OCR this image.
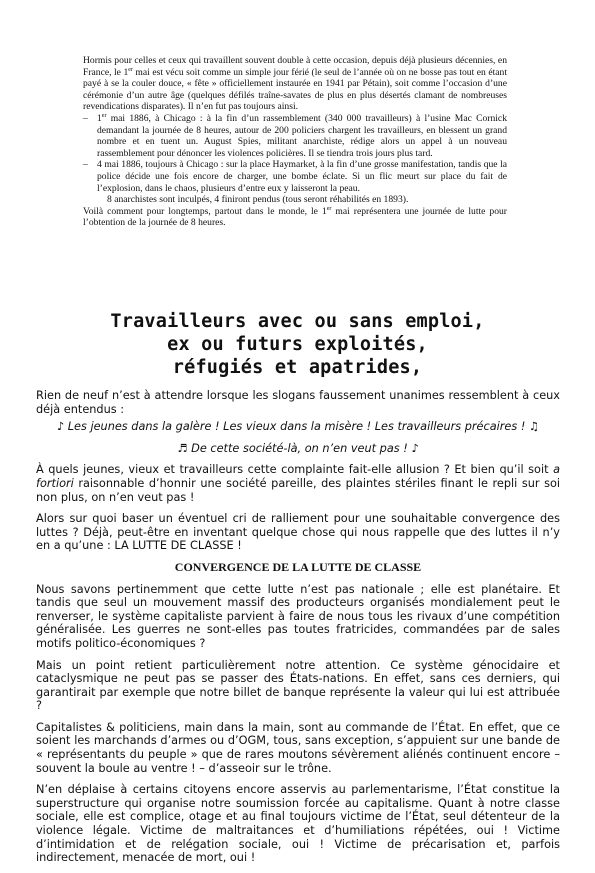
Hormis pour celles et ceux qui travaillent souvent double à cette occasion, depuis déjà plusieurs décennies, en France, le 1er mai est vécu soit comme un simple jour férié (le seul de l’année où on ne bosse pas tout en étant payé à se la couler douce, « fête » officiellement instaurée en 1941 par Pétain), soit comme l’occasion d’une cérémonie d’un autre âge (quelques défilés traîne-savates de plus en plus désertés clamant de nombreuses revendications disparates). Il n’en fut pas toujours ainsi.

– 1er mai 1886, à Chicago : à la fin d’un rassemblement (340 000 travailleurs) à l’usine Mac Cornick demandant la journée de 8 heures, autour de 200 policiers chargent les travailleurs, en blessent un grand nombre et en tuent un. August Spies, militant anarchiste, rédige alors un appel à un nouveau rassemblement pour dénoncer les violences policières. Il se tiendra trois jours plus tard.

– 4 mai 1886, toujours à Chicago : sur la place Haymarket, à la fin d’une grosse manifestation, tandis que la police décide une fois encore de charger, une bombe éclate. Si un flic meurt sur place du fait de l’explosion, dans le chaos, plusieurs d’entre eux y laisseront la peau.

8 anarchistes sont inculpés, 4 finiront pendus (tous seront réhabilités en 1893).

Voilà comment pour longtemps, partout dans le monde, le 1er mai représentera une journée de lutte pour l’obtention de la journée de 8 heures.

Travailleurs avec ou sans emploi,
ex ou futurs exploités,
réfugiés et apatrides,

Rien de neuf n’est à attendre lorsque les slogans faussement unanimes ressemblent à ceux déjà entendus :

♪ Les jeunes dans la galère ! Les vieux dans la misère ! Les travailleurs précaires ! ♫

♬ De cette société-là, on n’en veut pas ! ♪

À quels jeunes, vieux et travailleurs cette complainte fait-elle allusion ? Et bien qu’il soit a fortiori raisonnable d’honnir une société pareille, des plaintes stériles finant le repli sur soi non plus, on n’en veut pas !

Alors sur quoi baser un éventuel cri de ralliement pour une souhaitable convergence des luttes ? Déjà, peut-être en inventant quelque chose qui nous rappelle que des luttes il n’y en a qu’une : LA LUTTE DE CLASSE !

CONVERGENCE DE LA LUTTE DE CLASSE

Nous savons pertinemment que cette lutte n’est pas nationale ; elle est planétaire. Et tandis que seul un mouvement massif des producteurs organisés mondialement peut le renverser, le système capitaliste parvient à faire de nous tous les rivaux d’une compétition généralisée. Les guerres ne sont-elles pas toutes fratricides, commandées par de sales motifs politico-économiques ?

Mais un point retient particulièrement notre attention. Ce système génocidaire et cataclysmique ne peut pas se passer des États-nations. En effet, sans ces derniers, qui garantirait par exemple que notre billet de banque représente la valeur qui lui est attribuée ?

Capitalistes & politiciens, main dans la main, sont au commande de l’État. En effet, que ce soient les marchands d’armes ou d’OGM, tous, sans exception, s’appuient sur une bande de « représentants du peuple » que de rares moutons sévèrement aliénés continuent encore – souvent la boule au ventre ! – d’asseoir sur le trône.

N’en déplaise à certains citoyens encore asservis au parlementarisme, l’État constitue la superstructure qui organise notre soumission forcée au capitalisme. Quant à notre classe sociale, elle est complice, otage et au final toujours victime de l’État, seul détenteur de la violence légale. Victime de maltraitances et d’humiliations répétées, oui ! Victime d’intimidation et de relégation sociale, oui ! Victime de précarisation et, parfois indirectement, menacée de mort, oui !
